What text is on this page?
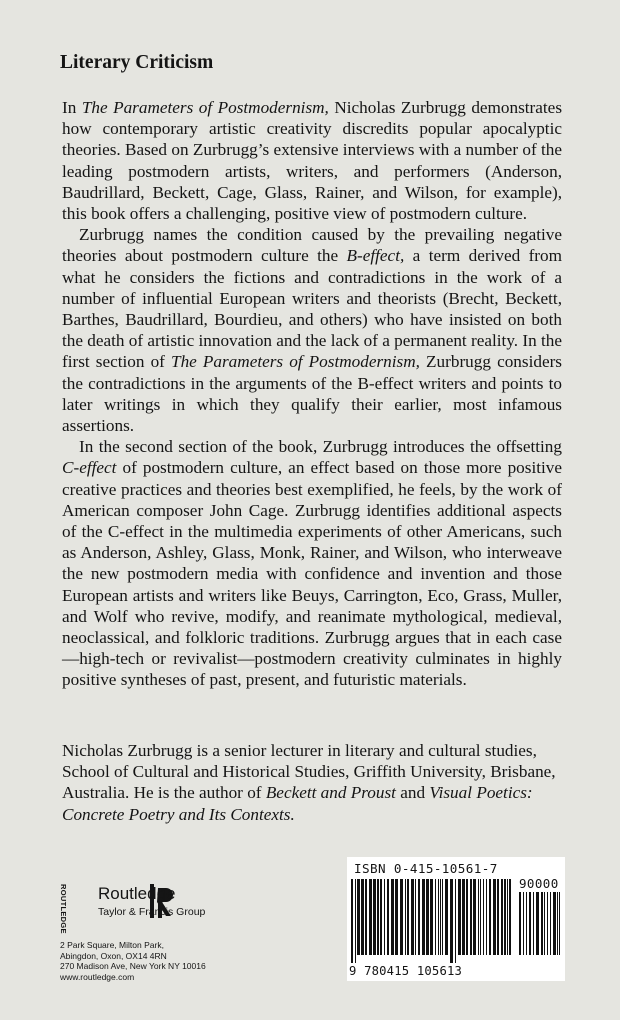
Literary Criticism

In The Parameters of Postmodernism, Nicholas Zurbrugg demonstrates how contemporary artistic creativity discredits popular apocalyptic theories. Based on Zurbrugg’s extensive interviews with a number of the leading postmodern artists, writers, and performers (Anderson, Baudrillard, Beckett, Cage, Glass, Rainer, and Wilson, for example), this book offers a challenging, positive view of postmodern culture.

Zurbrugg names the condition caused by the prevailing negative theories about postmodern culture the B-effect, a term derived from what he considers the fictions and contradictions in the work of a number of influential European writers and theorists (Brecht, Beckett, Barthes, Baudrillard, Bourdieu, and others) who have insisted on both the death of artistic innovation and the lack of a permanent reality. In the first section of The Parameters of Postmodernism, Zurbrugg considers the contradictions in the arguments of the B-effect writers and points to later writings in which they qualify their earlier, most infamous assertions.

In the second section of the book, Zurbrugg introduces the offsetting C-effect of postmodern culture, an effect based on those more positive creative practices and theories best exemplified, he feels, by the work of American composer John Cage. Zurbrugg identifies additional aspects of the C-effect in the multimedia experiments of other Americans, such as Anderson, Ashley, Glass, Monk, Rainer, and Wilson, who interweave the new postmodern media with confidence and invention and those European artists and writers like Beuys, Carrington, Eco, Grass, Muller, and Wolf who revive, modify, and reanimate mythological, medieval, neoclassical, and folkloric traditions. Zurbrugg argues that in each case—high-tech or revivalist—postmodern creativity culminates in highly positive syntheses of past, present, and futuristic materials.

Nicholas Zurbrugg is a senior lecturer in literary and cultural studies, School of Cultural and Historical Studies, Griffith University, Brisbane, Australia. He is the author of Beckett and Proust and Visual Poetics: Concrete Poetry and Its Contexts.

ROUTLEDGE Routledge
Taylor & Francis Group
2 Park Square, Milton Park,
Abingdon, Oxon, OX14 4RN
270 Madison Ave, New York NY 10016
www.routledge.com
ISBN 0-415-10561-7
90000
9 780415 105613
